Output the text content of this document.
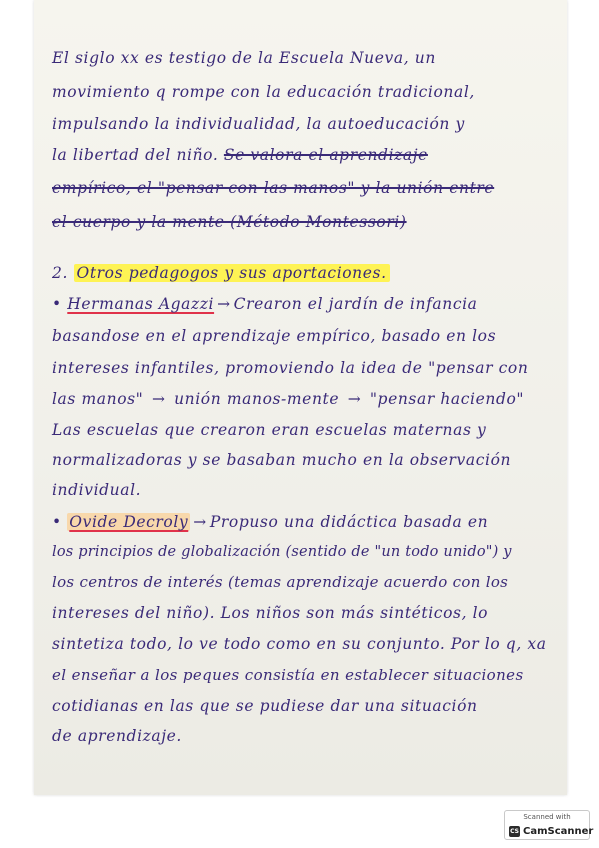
El siglo xx es testigo de la Escuela Nueva, un

movimiento q rompe con la educación tradicional,

impulsando la individualidad, la autoeducación y

la libertad del niño. Se valora el aprendizaje

empírico, el "pensar con las manos" y la unión entre

el cuerpo y la mente (Método Montessori)

2. Otros pedagogos y sus aportaciones.

• Hermanas Agazzi → Crearon el jardín de infancia

basandose en el aprendizaje empírico, basado en los

intereses infantiles, promoviendo la idea de "pensar con

las manos" → unión manos-mente → "pensar haciendo"

Las escuelas que crearon eran escuelas maternas y

normalizadoras y se basaban mucho en la observación

individual.

• Ovide Decroly → Propuso una didáctica basada en

los principios de globalización (sentido de "un todo unido") y

los centros de interés (temas aprendizaje acuerdo con los

intereses del niño). Los niños son más sintéticos, lo

sintetiza todo, lo ve todo como en su conjunto. Por lo q, xa

el enseñar a los peques consistía en establecer situaciones

cotidianas en las que se pudiese dar una situación

de aprendizaje.

Scanned with
CS CamScanner
